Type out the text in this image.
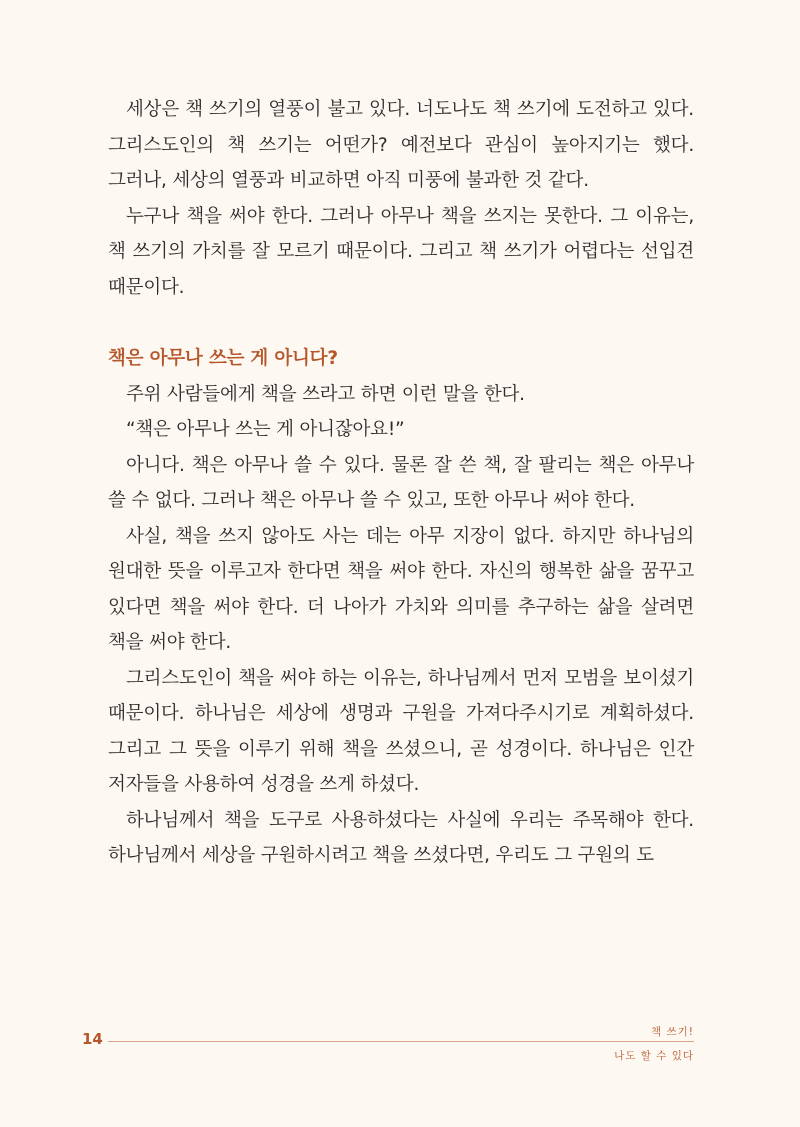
세상은 책 쓰기의 열풍이 불고 있다. 너도나도 책 쓰기에 도전하고 있다. 그리스도인의 책 쓰기는 어떤가? 예전보다 관심이 높아지기는 했다. 그러나, 세상의 열풍과 비교하면 아직 미풍에 불과한 것 같다.

누구나 책을 써야 한다. 그러나 아무나 책을 쓰지는 못한다. 그 이유는, 책 쓰기의 가치를 잘 모르기 때문이다. 그리고 책 쓰기가 어렵다는 선입견 때문이다.

책은 아무나 쓰는 게 아니다?

주위 사람들에게 책을 쓰라고 하면 이런 말을 한다.

“책은 아무나 쓰는 게 아니잖아요!”

아니다. 책은 아무나 쓸 수 있다. 물론 잘 쓴 책, 잘 팔리는 책은 아무나 쓸 수 없다. 그러나 책은 아무나 쓸 수 있고, 또한 아무나 써야 한다.

사실, 책을 쓰지 않아도 사는 데는 아무 지장이 없다. 하지만 하나님의 원대한 뜻을 이루고자 한다면 책을 써야 한다. 자신의 행복한 삶을 꿈꾸고 있다면 책을 써야 한다. 더 나아가 가치와 의미를 추구하는 삶을 살려면 책을 써야 한다.

그리스도인이 책을 써야 하는 이유는, 하나님께서 먼저 모범을 보이셨기 때문이다. 하나님은 세상에 생명과 구원을 가져다주시기로 계획하셨다. 그리고 그 뜻을 이루기 위해 책을 쓰셨으니, 곧 성경이다. 하나님은 인간 저자들을 사용하여 성경을 쓰게 하셨다.

하나님께서 책을 도구로 사용하셨다는 사실에 우리는 주목해야 한다. 하나님께서 세상을 구원하시려고 책을 쓰셨다면, 우리도 그 구원의 도

14	책 쓰기!
나도 할 수 있다
